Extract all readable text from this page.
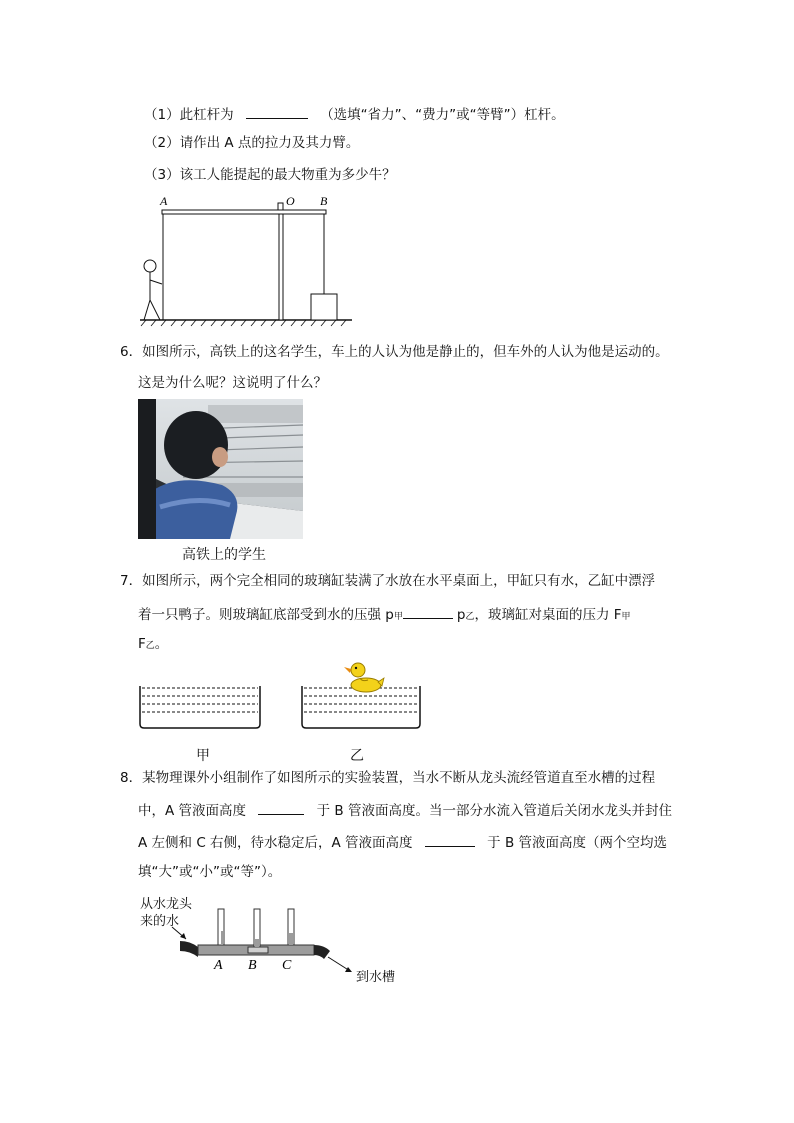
（1）此杠杆为	（选填“省力”、“费力”或“等臂”）杠杆。
（2）请作出 A 点的拉力及其力臂。
（3）该工人能提起的最大物重为多少牛？
A	O B
6．如图所示，高铁上的这名学生，车上的人认为他是静止的，但车外的人认为他是运动的。
这是为什么呢？这说明了什么？
高铁上的学生
7．如图所示，两个完全相同的玻璃缸装满了水放在水平桌面上，甲缸只有水，乙缸中漂浮
着一只鸭子。则玻璃缸底部受到水的压强 p甲	p乙，玻璃缸对桌面的压力 F甲
F乙。
甲	乙
8．某物理课外小组制作了如图所示的实验装置，当水不断从龙头流经管道直至水槽的过程
中，A 管液面高度	于 B 管液面高度。当一部分水流入管道后关闭水龙头并封住
A 左侧和 C 右侧，待水稳定后，A 管液面高度	于 B 管液面高度（两个空均选
填“大”或“小”或“等”）。
从水龙头
来的水
到水槽
A B C
